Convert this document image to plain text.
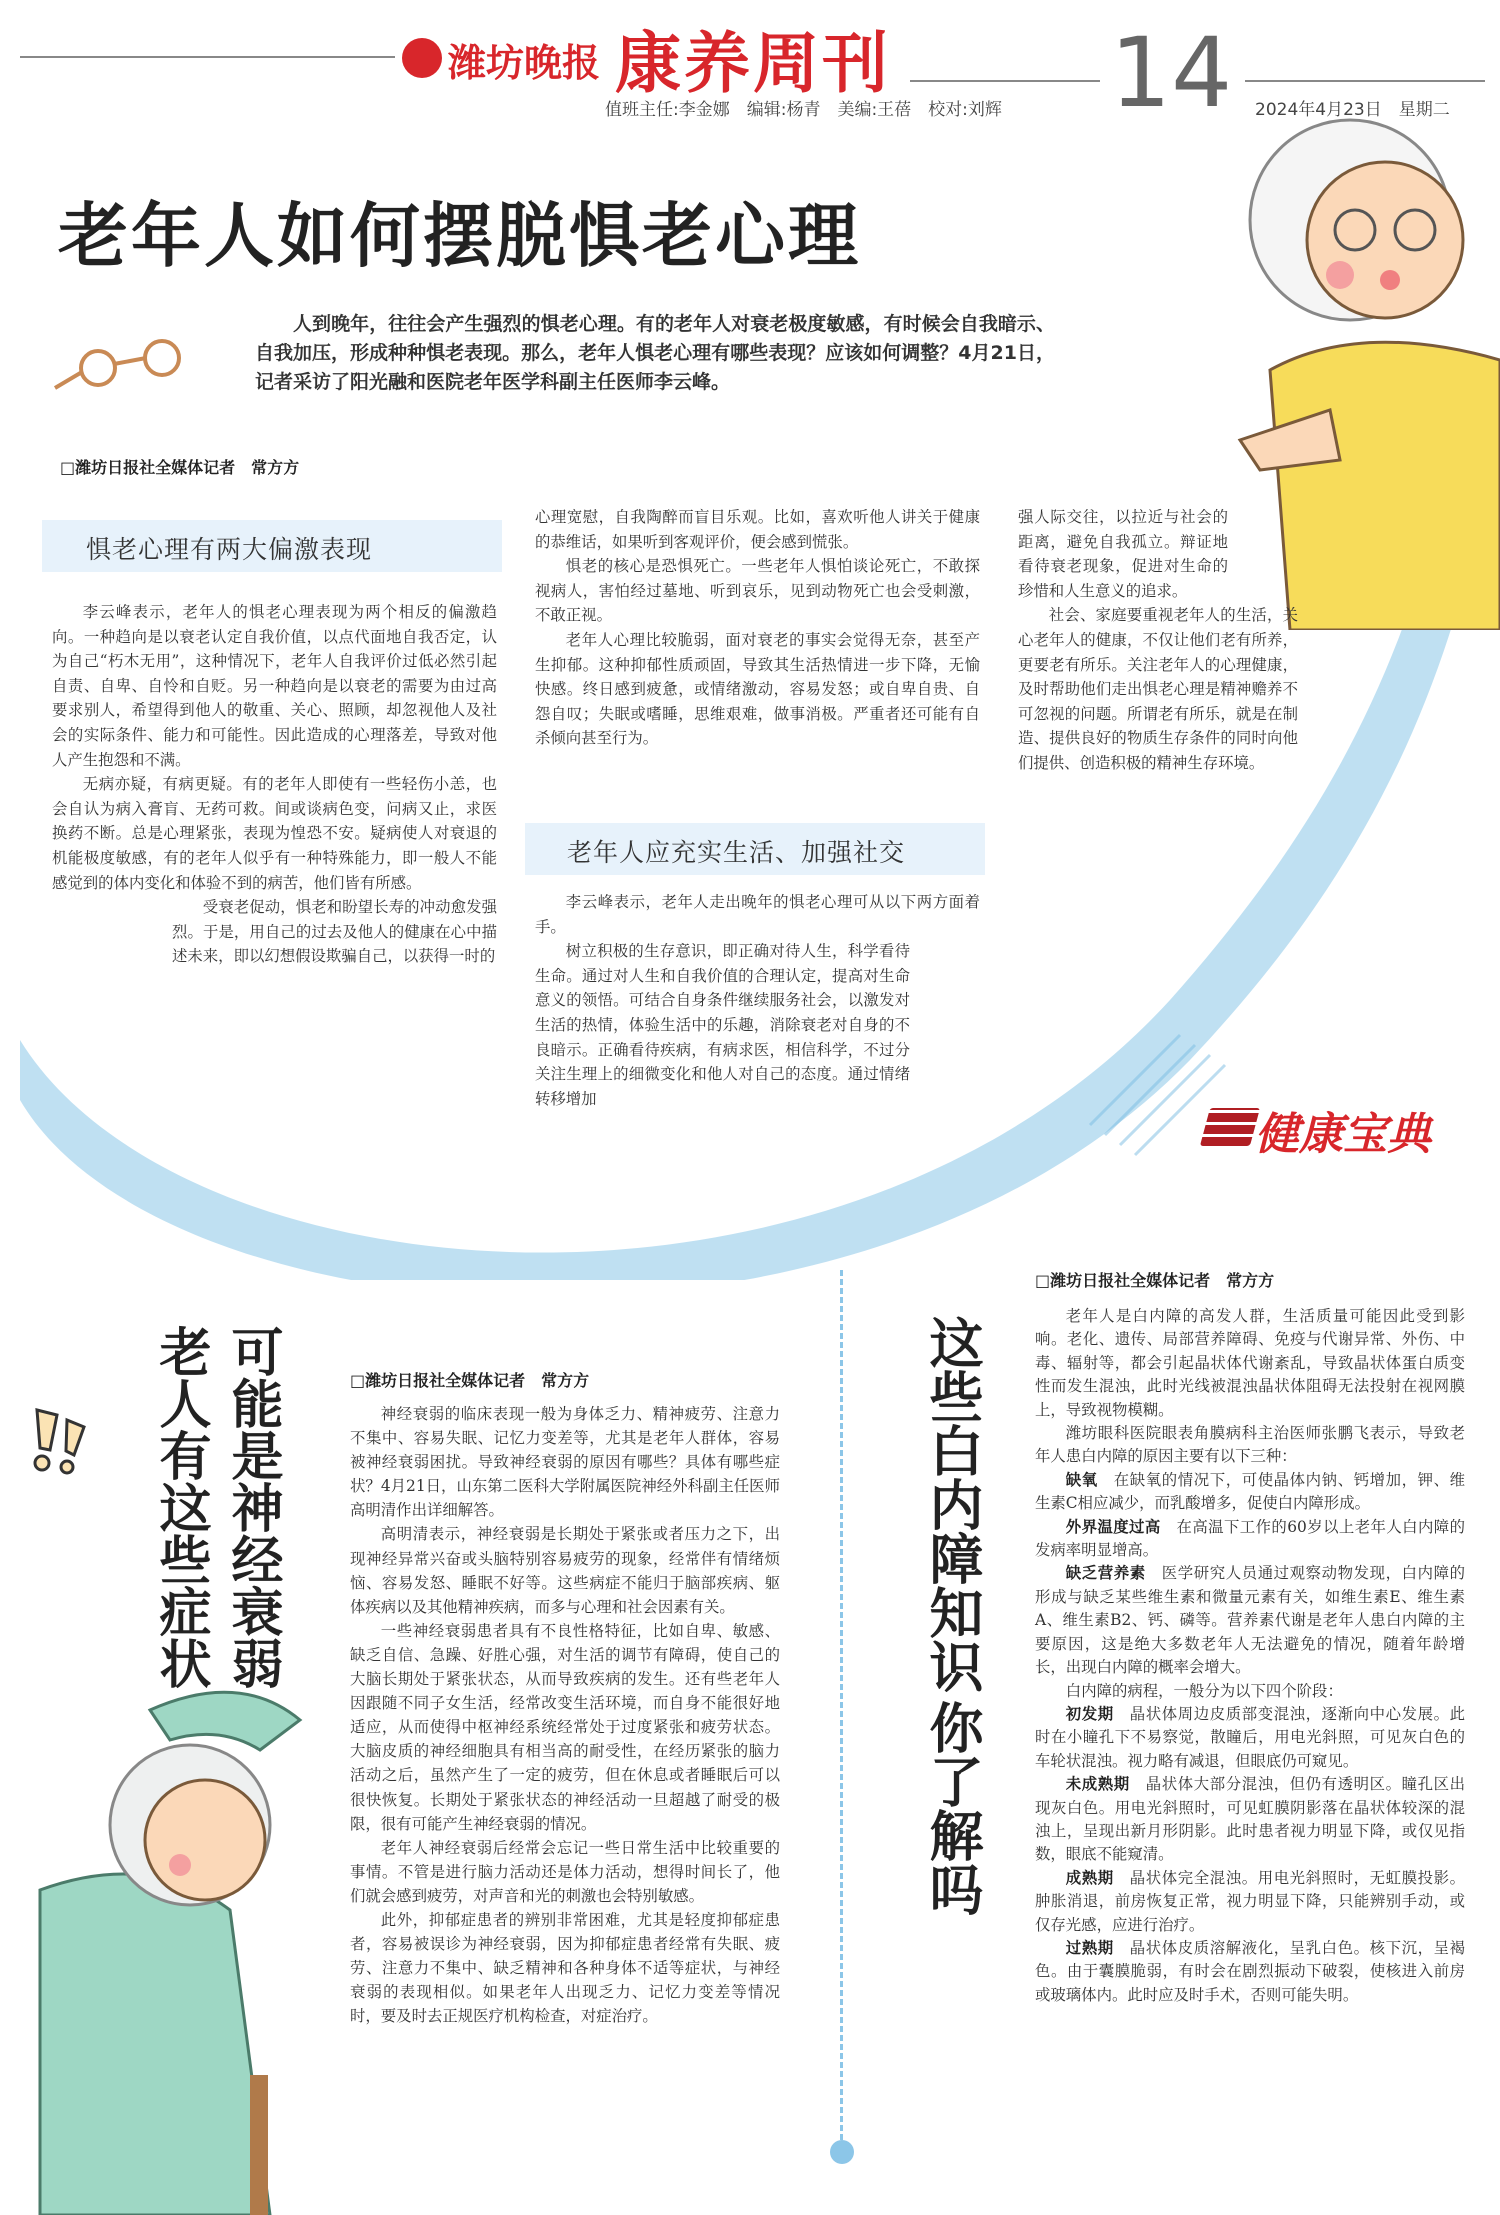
潍坊晚报 康养周刊 14
值班主任:李金娜　编辑:杨青　美编:王蓓　校对:刘辉	2024年4月23日　星期二
老年人如何摆脱惧老心理
人到晚年，往往会产生强烈的惧老心理。有的老年人对衰老极度敏感，有时候会自我暗示、自我加压，形成种种惧老表现。那么，老年人惧老心理有哪些表现？应该如何调整？4月21日，记者采访了阳光融和医院老年医学科副主任医师李云峰。
□潍坊日报社全媒体记者　常方方
惧老心理有两大偏激表现

李云峰表示，老年人的惧老心理表现为两个相反的偏激趋向。一种趋向是以衰老认定自我价值，以点代面地自我否定，认为自己“朽木无用”，这种情况下，老年人自我评价过低必然引起自责、自卑、自怜和自贬。另一种趋向是以衰老的需要为由过高要求别人，希望得到他人的敬重、关心、照顾，却忽视他人及社会的实际条件、能力和可能性。因此造成的心理落差，导致对他人产生抱怨和不满。

无病亦疑，有病更疑。有的老年人即使有一些轻伤小恙，也会自认为病入膏肓、无药可救。间或谈病色变，问病又止，求医换药不断。总是心理紧张，表现为惶恐不安。疑病使人对衰退的机能极度敏感，有的老年人似乎有一种特殊能力，即一般人不能感觉到的体内变化和体验不到的病苦，他们皆有所感。

受衰老促动，惧老和盼望长寿的冲动愈发强烈。于是，用自己的过去及他人的健康在心中描述未来，即以幻想假设欺骗自己，以获得一时的

心理宽慰，自我陶醉而盲目乐观。比如，喜欢听他人讲关于健康的恭维话，如果听到客观评价，便会感到慌张。

惧老的核心是恐惧死亡。一些老年人惧怕谈论死亡，不敢探视病人，害怕经过墓地、听到哀乐，见到动物死亡也会受刺激，不敢正视。

老年人心理比较脆弱，面对衰老的事实会觉得无奈，甚至产生抑郁。这种抑郁性质顽固，导致其生活热情进一步下降，无愉快感。终日感到疲惫，或情绪激动，容易发怒；或自卑自贵、自怨自叹；失眠或嗜睡，思维艰难，做事消极。严重者还可能有自杀倾向甚至行为。

老年人应充实生活、加强社交

李云峰表示，老年人走出晚年的惧老心理可从以下两方面着手。

树立积极的生存意识，即正确对待人生，科学看待生命。通过对人生和自我价值的合理认定，提高对生命意义的领悟。可结合自身条件继续服务社会，以激发对生活的热情，体验生活中的乐趣，消除衰老对自身的不良暗示。正确看待疾病，有病求医，相信科学，不过分关注生理上的细微变化和他人对自己的态度。通过情绪转移增加

强人际交往，以拉近与社会的距离，避免自我孤立。辩证地看待衰老现象，促进对生命的珍惜和人生意义的追求。

社会、家庭要重视老年人的生活，关心老年人的健康，不仅让他们老有所养，更要老有所乐。关注老年人的心理健康，及时帮助他们走出惧老心理是精神赡养不可忽视的问题。所谓老有所乐，就是在制造、提供良好的物质生存条件的同时向他们提供、创造积极的精神生存环境。

健康宝典
可能是神经衰弱
老人有这些症状	□潍坊日报社全媒体记者　常方方

神经衰弱的临床表现一般为身体乏力、精神疲劳、注意力不集中、容易失眠、记忆力变差等，尤其是老年人群体，容易被神经衰弱困扰。导致神经衰弱的原因有哪些？具体有哪些症状？4月21日，山东第二医科大学附属医院神经外科副主任医师高明清作出详细解答。

高明清表示，神经衰弱是长期处于紧张或者压力之下，出现神经异常兴奋或头脑特别容易疲劳的现象，经常伴有情绪烦恼、容易发怒、睡眠不好等。这些病症不能归于脑部疾病、躯体疾病以及其他精神疾病，而多与心理和社会因素有关。

一些神经衰弱患者具有不良性格特征，比如自卑、敏感、缺乏自信、急躁、好胜心强，对生活的调节有障碍，使自己的大脑长期处于紧张状态，从而导致疾病的发生。还有些老年人因跟随不同子女生活，经常改变生活环境，而自身不能很好地适应，从而使得中枢神经系统经常处于过度紧张和疲劳状态。大脑皮质的神经细胞具有相当高的耐受性，在经历紧张的脑力活动之后，虽然产生了一定的疲劳，但在休息或者睡眠后可以很快恢复。长期处于紧张状态的神经活动一旦超越了耐受的极限，很有可能产生神经衰弱的情况。

老年人神经衰弱后经常会忘记一些日常生活中比较重要的事情。不管是进行脑力活动还是体力活动，想得时间长了，他们就会感到疲劳，对声音和光的刺激也会特别敏感。

此外，抑郁症患者的辨别非常困难，尤其是轻度抑郁症患者，容易被误诊为神经衰弱，因为抑郁症患者经常有失眠、疲劳、注意力不集中、缺乏精神和各种身体不适等症状，与神经衰弱的表现相似。如果老年人出现乏力、记忆力变差等情况时，要及时去正规医疗机构检查，对症治疗。

这些白内障知识
你了解吗
□潍坊日报社全媒体记者　常方方

老年人是白内障的高发人群，生活质量可能因此受到影响。老化、遗传、局部营养障碍、免疫与代谢异常、外伤、中毒、辐射等，都会引起晶状体代谢紊乱，导致晶状体蛋白质变性而发生混浊，此时光线被混浊晶状体阻碍无法投射在视网膜上，导致视物模糊。

潍坊眼科医院眼表角膜病科主治医师张鹏飞表示，导致老年人患白内障的原因主要有以下三种：

缺氧　 在缺氧的情况下，可使晶体内钠、钙增加，钾、维生素C相应减少，而乳酸增多，促使白内障形成。

外界温度过高　 在高温下工作的60岁以上老年人白内障的发病率明显增高。

缺乏营养素　 医学研究人员通过观察动物发现，白内障的形成与缺乏某些维生素和微量元素有关，如维生素E、维生素A、维生素B2、钙、磷等。营养素代谢是老年人患白内障的主要原因，这是绝大多数老年人无法避免的情况，随着年龄增长，出现白内障的概率会增大。

白内障的病程，一般分为以下四个阶段：

初发期　 晶状体周边皮质部变混浊，逐渐向中心发展。此时在小瞳孔下不易察觉，散瞳后，用电光斜照，可见灰白色的车轮状混浊。视力略有减退，但眼底仍可窥见。

未成熟期　 晶状体大部分混浊，但仍有透明区。瞳孔区出现灰白色。用电光斜照时，可见虹膜阴影落在晶状体较深的混浊上，呈现出新月形阴影。此时患者视力明显下降，或仅见指数，眼底不能窥清。

成熟期　 晶状体完全混浊。用电光斜照时，无虹膜投影。肿胀消退，前房恢复正常，视力明显下降，只能辨别手动，或仅存光感，应进行治疗。

过熟期　 晶状体皮质溶解液化，呈乳白色。核下沉，呈褐色。由于囊膜脆弱，有时会在剧烈振动下破裂，使核进入前房或玻璃体内。此时应及时手术，否则可能失明。
